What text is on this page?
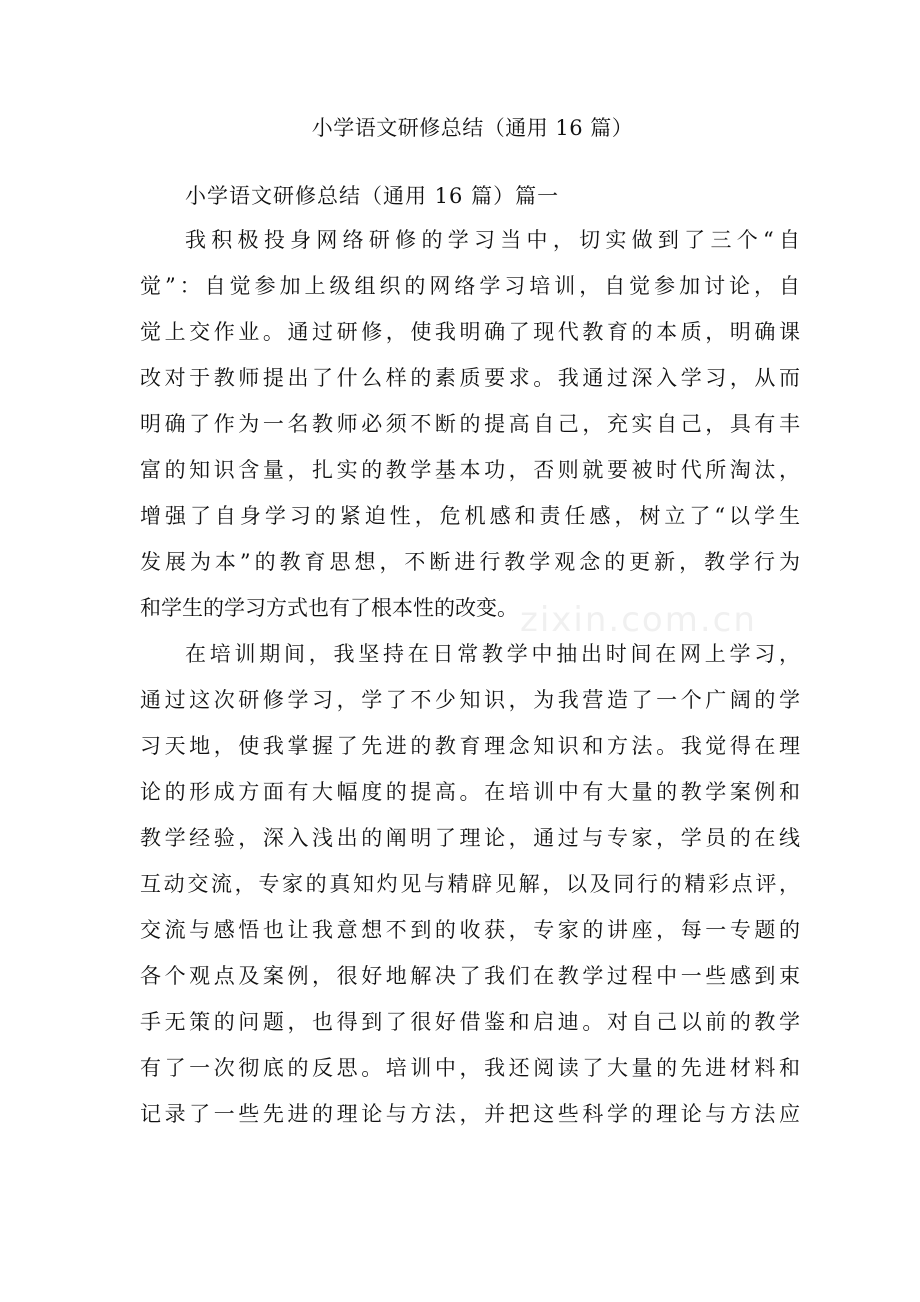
小学语文研修总结（通用 16 篇）
小学语文研修总结（通用 16 篇）篇一
我积极投身网络研修的学习当中，切实做到了三个“自
觉”：自觉参加上级组织的网络学习培训，自觉参加讨论，自
觉上交作业。通过研修，使我明确了现代教育的本质，明确课
改对于教师提出了什么样的素质要求。我通过深入学习，从而
明确了作为一名教师必须不断的提高自己，充实自己，具有丰
富的知识含量，扎实的教学基本功，否则就要被时代所淘汰，
增强了自身学习的紧迫性，危机感和责任感，树立了“以学生
发展为本”的教育思想，不断进行教学观念的更新，教学行为
和学生的学习方式也有了根本性的改变。
在培训期间，我坚持在日常教学中抽出时间在网上学习，
通过这次研修学习，学了不少知识，为我营造了一个广阔的学
习天地，使我掌握了先进的教育理念知识和方法。我觉得在理
论的形成方面有大幅度的提高。在培训中有大量的教学案例和
教学经验，深入浅出的阐明了理论，通过与专家，学员的在线
互动交流，专家的真知灼见与精辟见解，以及同行的精彩点评，
交流与感悟也让我意想不到的收获，专家的讲座，每一专题的
各个观点及案例，很好地解决了我们在教学过程中一些感到束
手无策的问题，也得到了很好借鉴和启迪。对自己以前的教学
有了一次彻底的反思。培训中，我还阅读了大量的先进材料和
记录了一些先进的理论与方法，并把这些科学的理论与方法应
zixin.com.cn
